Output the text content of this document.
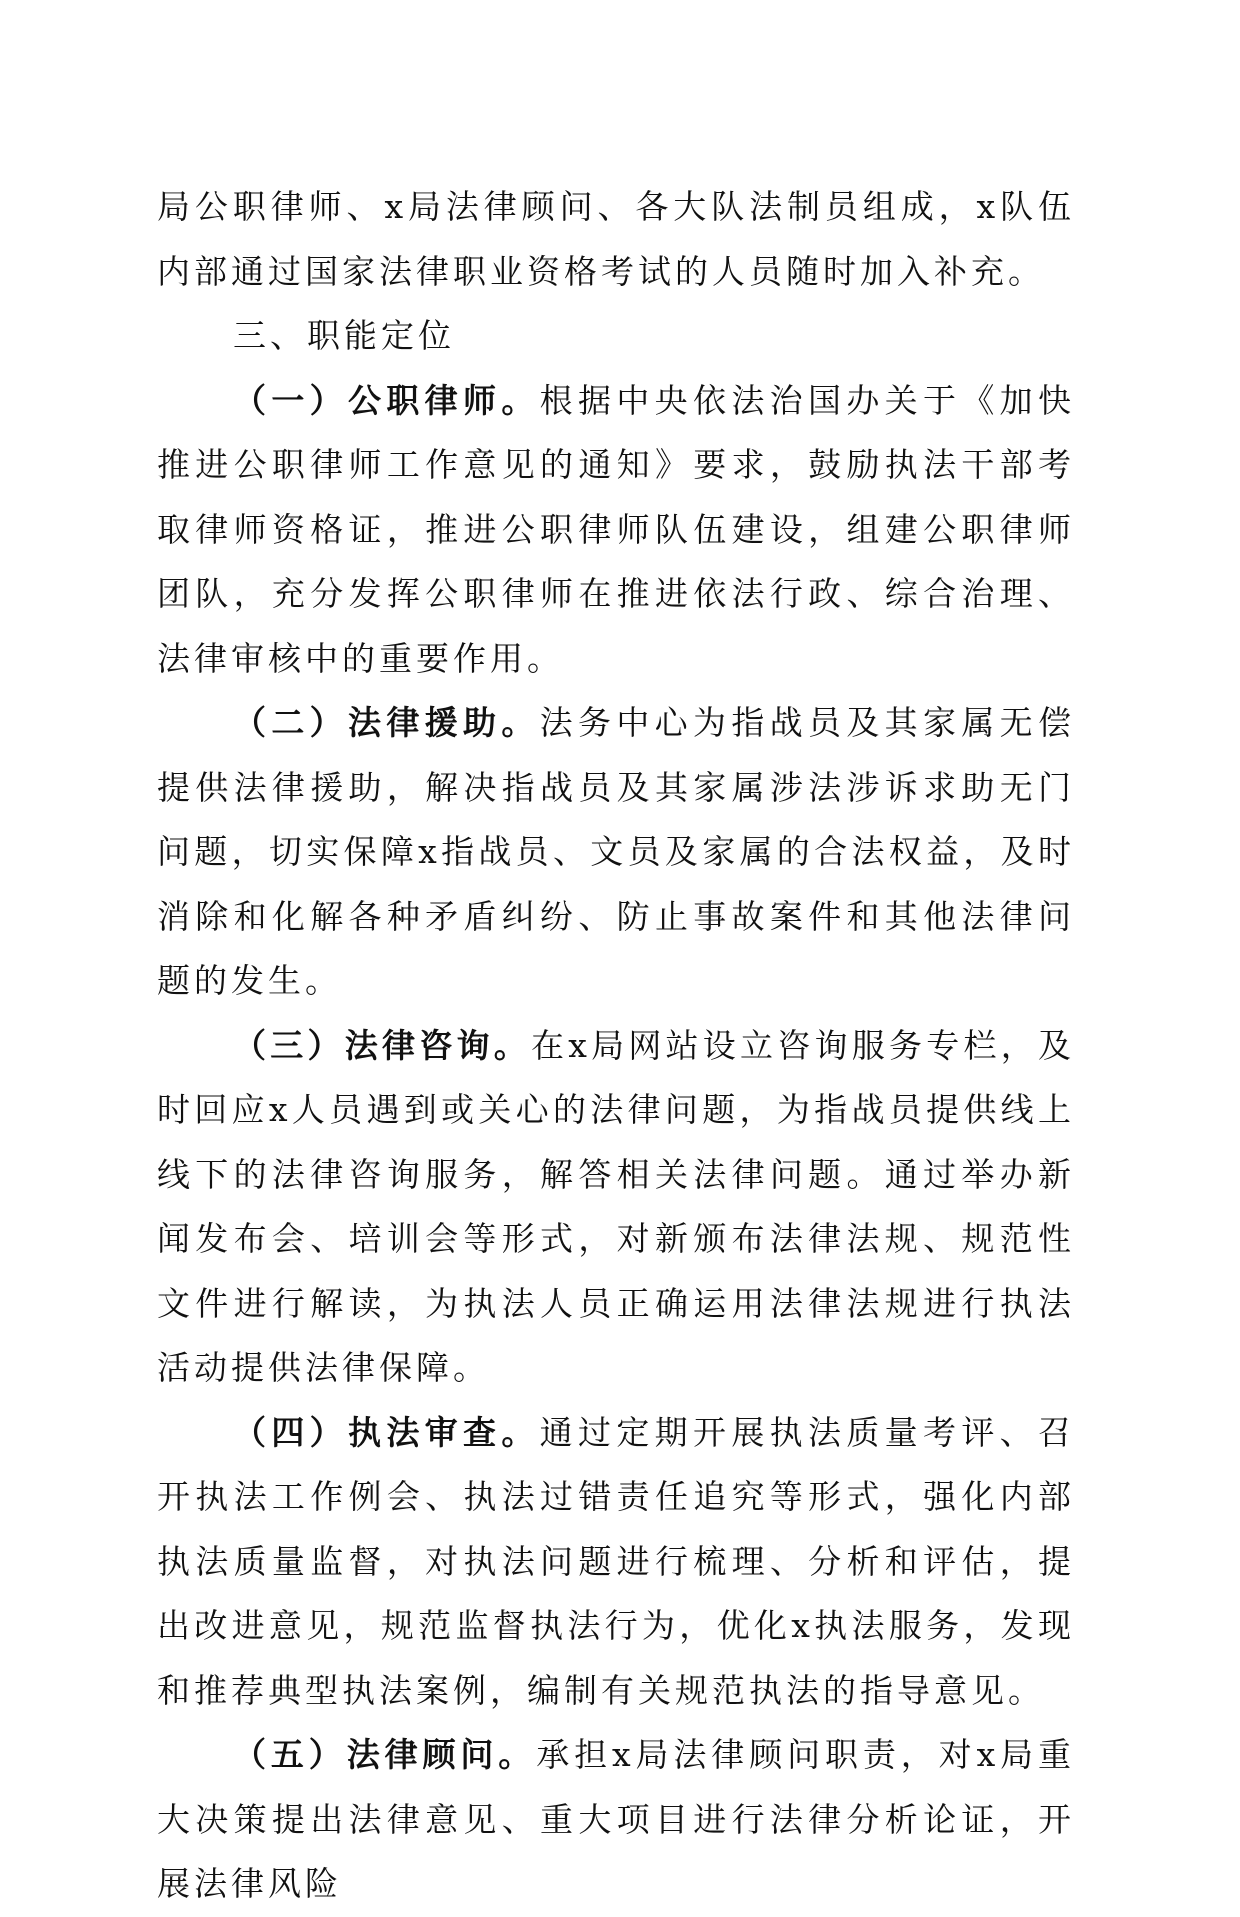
局公职律师、x局法律顾问、各大队法制员组成，x队伍内部通过国家法律职业资格考试的人员随时加入补充。

三、职能定位

（一）公职律师。根据中央依法治国办关于《加快推进公职律师工作意见的通知》要求，鼓励执法干部考取律师资格证，推进公职律师队伍建设，组建公职律师团队，充分发挥公职律师在推进依法行政、综合治理、法律审核中的重要作用。

（二）法律援助。法务中心为指战员及其家属无偿提供法律援助，解决指战员及其家属涉法涉诉求助无门问题，切实保障x指战员、文员及家属的合法权益，及时消除和化解各种矛盾纠纷、防止事故案件和其他法律问题的发生。

（三）法律咨询。在x局网站设立咨询服务专栏，及时回应x人员遇到或关心的法律问题，为指战员提供线上线下的法律咨询服务，解答相关法律问题。通过举办新闻发布会、培训会等形式，对新颁布法律法规、规范性文件进行解读，为执法人员正确运用法律法规进行执法活动提供法律保障。

（四）执法审查。通过定期开展执法质量考评、召开执法工作例会、执法过错责任追究等形式，强化内部执法质量监督，对执法问题进行梳理、分析和评估，提出改进意见，规范监督执法行为，优化x执法服务，发现和推荐典型执法案例，编制有关规范执法的指导意见。

（五）法律顾问。承担x局法律顾问职责，对x局重大决策提出法律意见、重大项目进行法律分析论证，开展法律风险
